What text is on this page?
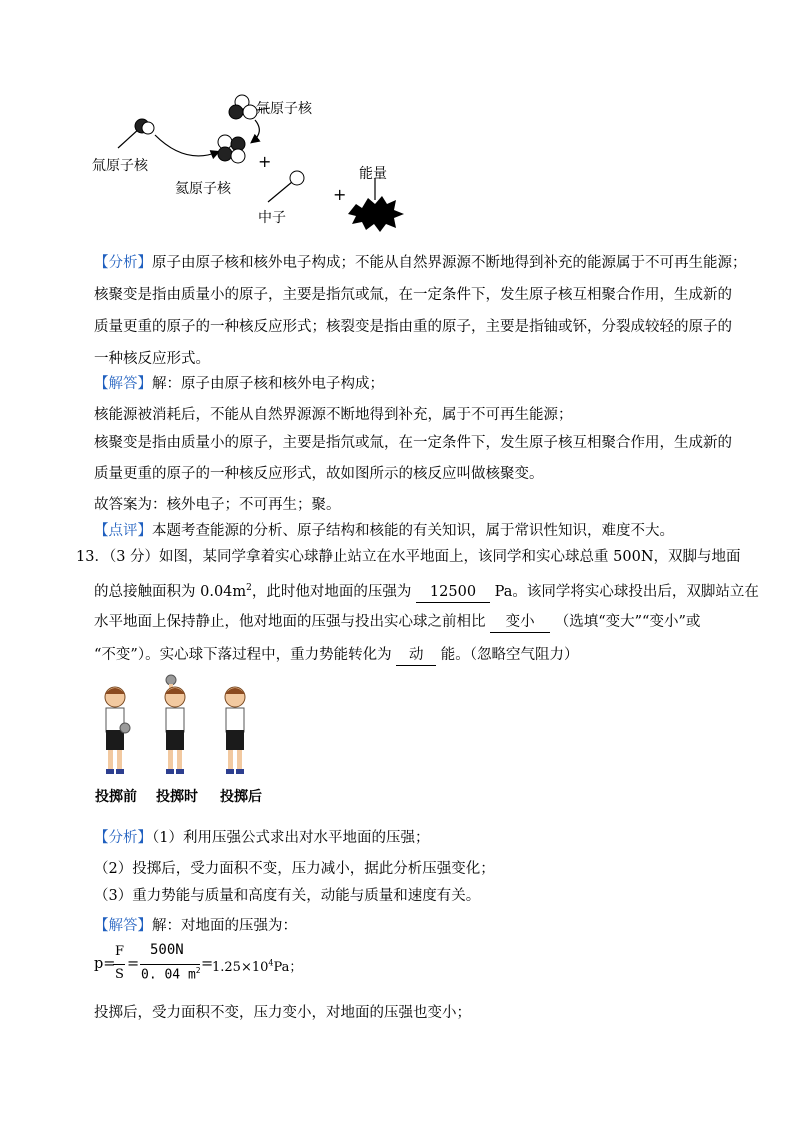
氚原子核
氚原子核
氦原子核
+
中子
+
能量
【分析】原子由原子核和核外电子构成；不能从自然界源源不断地得到补充的能源属于不可再生能源；
核聚变是指由质量小的原子，主要是指氘或氚，在一定条件下，发生原子核互相聚合作用，生成新的
质量更重的原子的一种核反应形式；核裂变是指由重的原子，主要是指铀或钚，分裂成较轻的原子的
一种核反应形式。
【解答】解：原子由原子核和核外电子构成；
核能源被消耗后，不能从自然界源源不断地得到补充，属于不可再生能源；
核聚变是指由质量小的原子，主要是指氘或氚，在一定条件下，发生原子核互相聚合作用，生成新的
质量更重的原子的一种核反应形式，故如图所示的核反应叫做核聚变。
故答案为：核外电子；不可再生；聚。
【点评】本题考查能源的分析、原子结构和核能的有关知识，属于常识性知识，难度不大。
13．（3 分）如图，某同学拿着实心球静止站立在水平地面上，该同学和实心球总重 500N，双脚与地面
的总接触面积为 $0.04m^2$，此时他对地面的压强为 12500 Pa。该同学将实心球投出后，双脚站立在
水平地面上保持静止，他对地面的压强与投出实心球之前相比 变小 （选填“变大”“变小”或
“不变”）。实心球下落过程中，重力势能转化为 动 能。（忽略空气阻力）
投掷前 投掷时 投掷后
【分析】（1）利用压强公式求出对水平地面的压强；
（2）投掷后，受力面积不变，压力减小，据此分析压强变化；
（3）重力势能与质量和高度有关，动能与质量和速度有关。
【解答】解：对地面的压强为：
p=
F
S
=
500N
0. 04 $m^2$ =
$1.25\times 10^4Pa$；
投掷后，受力面积不变，压力变小，对地面的压强也变小；
